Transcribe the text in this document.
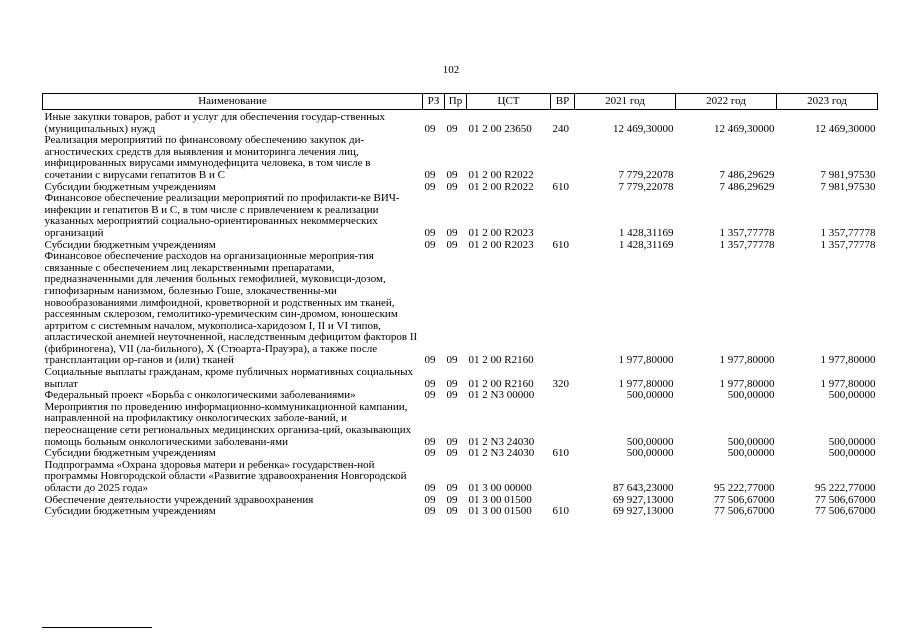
102
Наименование	РЗ	Пр	ЦСТ	ВР	2021 год	2022 год	2023 год
Иные закупки товаров, работ и услуг для обеспечения государ-ственных (муниципальных) нужд	09	09	01 2 00 23650	240	12 469,30000	12 469,30000	12 469,30000
Реализация мероприятий по финансовому обеспечению закупок ди-агностических средств для выявления и мониторинга лечения лиц, инфицированных вирусами иммунодефицита человека, в том числе в сочетании с вирусами гепатитов В и С	09	09	01 2 00 R2022		7 779,22078	7 486,29629	7 981,97530
Субсидии бюджетным учреждениям	09	09	01 2 00 R2022	610	7 779,22078	7 486,29629	7 981,97530
Финансовое обеспечение реализации мероприятий по профилакти-ке ВИЧ-инфекции и гепатитов В и С, в том числе с привлечением к реализации указанных мероприятий социально-ориентированных некоммерческих организаций	09	09	01 2 00 R2023		1 428,31169	1 357,77778	1 357,77778
Субсидии бюджетным учреждениям	09	09	01 2 00 R2023	610	1 428,31169	1 357,77778	1 357,77778
Финансовое обеспечение расходов на организационные мероприя-тия связанные с обеспечением лиц лекарственными препаратами, предназначенными для лечения больных гемофилией, муковисци-дозом, гипофизарным нанизмом, болезнью Гоше, злокачественны-ми новообразованиями лимфоидной, кроветворной и родственных им тканей, рассеянным склерозом, гемолитико-уремическим син-дромом, юношеским артритом с системным началом, мукополиса-харидозом I, II и VI типов, апластической анемией неуточненной, наследственным дефицитом факторов II (фибриногена), VII (ла-бильного), X (Стюарта-Прауэра), а также после трансплантации ор-ганов и (или) тканей	09	09	01 2 00 R2160		1 977,80000	1 977,80000	1 977,80000
Социальные выплаты гражданам, кроме публичных нормативных социальных выплат	09	09	01 2 00 R2160	320	1 977,80000	1 977,80000	1 977,80000
Федеральный проект «Борьба с онкологическими заболеваниями»	09	09	01 2 N3 00000		500,00000	500,00000	500,00000
Мероприятия по проведению информационно-коммуникационной кампании, направленной на профилактику онкологических заболе-ваний, и переоснащение сети региональных медицинских организа-ций, оказывающих помощь больным онкологическими заболевани-ями	09	09	01 2 N3 24030		500,00000	500,00000	500,00000
Субсидии бюджетным учреждениям	09	09	01 2 N3 24030	610	500,00000	500,00000	500,00000
Подпрограмма «Охрана здоровья матери и ребенка» государствен-ной программы Новгородской области «Развитие здравоохранения Новгородской области до 2025 года»	09	09	01 3 00 00000		87 643,23000	95 222,77000	95 222,77000
Обеспечение деятельности учреждений здравоохранения	09	09	01 3 00 01500		69 927,13000	77 506,67000	77 506,67000
Субсидии бюджетным учреждениям	09	09	01 3 00 01500	610	69 927,13000	77 506,67000	77 506,67000
